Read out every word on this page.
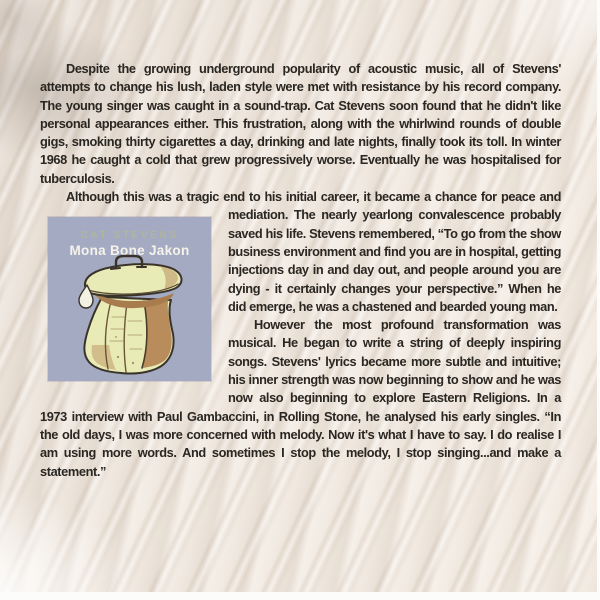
Despite the growing underground popularity of acoustic music, all of Stevens' attempts to change his lush, laden style were met with resistance by his record company. The young singer was caught in a sound-trap. Cat Stevens soon found that he didn't like personal appearances either. This frustration, along with the whirlwind rounds of double gigs, smoking thirty cigarettes a day, drinking and late nights, finally took its toll. In winter 1968 he caught a cold that grew progressively worse. Eventually he was hospitalised for tuberculosis.

Although this was a tragic end to his initial career, it became a chance for peace
CAT STEVENS
Mona Bone Jakon
and mediation. The nearly yearlong convalescence probably saved his life. Stevens remembered, “To go from the show business environment and find you are in hospital, getting injections day in and day out, and people around you are dying - it certainly changes your perspective.” When he did emerge, he was a chastened and bearded young man.
However the most profound transformation was musical. He began to write a string of deeply inspiring songs. Stevens' lyrics became more subtle and intuitive; his inner strength was now beginning to show and he was now also beginning to explore Eastern Religions. In a 1973 interview with Paul Gambaccini, in Rolling Stone, he analysed his early singles. “In the old days, I was more concerned with melody. Now it's what I have to say. I do realise I am using more words. And sometimes I stop the melody, I stop singing...and make a statement.”
